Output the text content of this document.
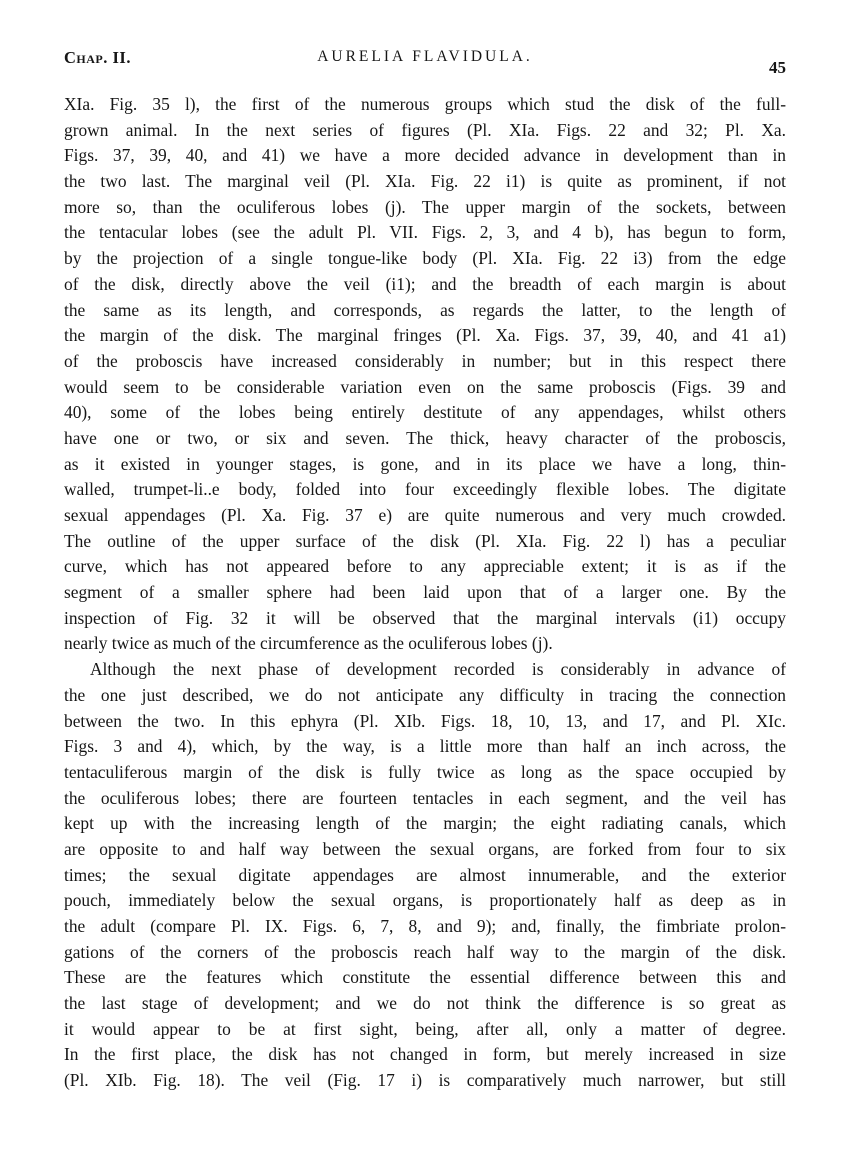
Chap. II.	AURELIA FLAVIDULA.
45
XIa. Fig. 35 l), the first of the numerous groups which stud the disk of the full-
grown animal. In the next series of figures (Pl. XIa. Figs. 22 and 32; Pl. Xa.
Figs. 37, 39, 40, and 41) we have a more decided advance in development than in
the two last. The marginal veil (Pl. XIa. Fig. 22 i1) is quite as prominent, if not
more so, than the oculiferous lobes (j). The upper margin of the sockets, between
the tentacular lobes (see the adult Pl. VII. Figs. 2, 3, and 4 b), has begun to form,
by the projection of a single tongue-like body (Pl. XIa. Fig. 22 i3) from the edge
of the disk, directly above the veil (i1); and the breadth of each margin is about
the same as its length, and corresponds, as regards the latter, to the length of
the margin of the disk. The marginal fringes (Pl. Xa. Figs. 37, 39, 40, and 41 a1)
of the proboscis have increased considerably in number; but in this respect there
would seem to be considerable variation even on the same proboscis (Figs. 39 and
40), some of the lobes being entirely destitute of any appendages, whilst others
have one or two, or six and seven. The thick, heavy character of the proboscis,
as it existed in younger stages, is gone, and in its place we have a long, thin-
walled, trumpet-li..e body, folded into four exceedingly flexible lobes. The digitate
sexual appendages (Pl. Xa. Fig. 37 e) are quite numerous and very much crowded.
The outline of the upper surface of the disk (Pl. XIa. Fig. 22 l) has a peculiar
curve, which has not appeared before to any appreciable extent; it is as if the
segment of a smaller sphere had been laid upon that of a larger one. By the
inspection of Fig. 32 it will be observed that the marginal intervals (i1) occupy
nearly twice as much of the circumference as the oculiferous lobes (j).
Although the next phase of development recorded is considerably in advance of
the one just described, we do not anticipate any difficulty in tracing the connection
between the two. In this ephyra (Pl. XIb. Figs. 18, 10, 13, and 17, and Pl. XIc.
Figs. 3 and 4), which, by the way, is a little more than half an inch across, the
tentaculiferous margin of the disk is fully twice as long as the space occupied by
the oculiferous lobes; there are fourteen tentacles in each segment, and the veil has
kept up with the increasing length of the margin; the eight radiating canals, which
are opposite to and half way between the sexual organs, are forked from four to six
times; the sexual digitate appendages are almost innumerable, and the exterior
pouch, immediately below the sexual organs, is proportionately half as deep as in
the adult (compare Pl. IX. Figs. 6, 7, 8, and 9); and, finally, the fimbriate prolon-
gations of the corners of the proboscis reach half way to the margin of the disk.
These are the features which constitute the essential difference between this and
the last stage of development; and we do not think the difference is so great as
it would appear to be at first sight, being, after all, only a matter of degree.
In the first place, the disk has not changed in form, but merely increased in size
(Pl. XIb. Fig. 18). The veil (Fig. 17 i) is comparatively much narrower, but still
